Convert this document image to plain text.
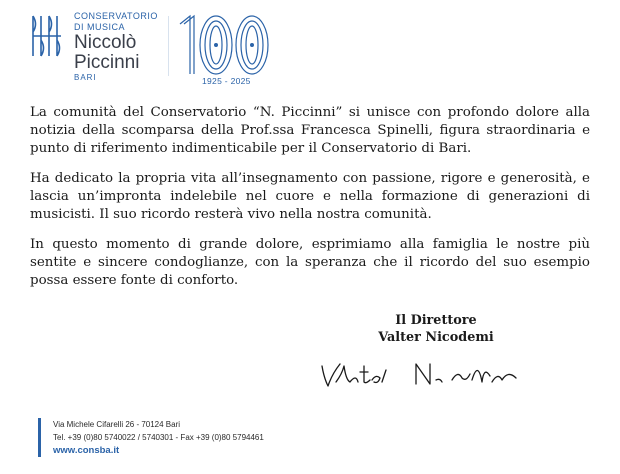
CONSERVATORIO
DI MUSICA
Niccolò
Piccinni
BARI	1925 - 2025

La comunità del Conservatorio “N. Piccinni” si unisce con profondo dolore alla notizia della scomparsa della Prof.ssa Francesca Spinelli, figura straordinaria e punto di riferimento indimenticabile per il Conservatorio di Bari.

Ha dedicato la propria vita all’insegnamento con passione, rigore e generosità, e lascia un’impronta indelebile nel cuore e nella formazione di generazioni di musicisti. Il suo ricordo resterà vivo nella nostra comunità.

In questo momento di grande dolore, esprimiamo alla famiglia le nostre più sentite e sincere condoglianze, con la speranza che il ricordo del suo esempio possa essere fonte di conforto.

Il Direttore
Valter Nicodemi
Via Michele Cifarelli 26 - 70124 Bari
Tel. +39 (0)80 5740022 / 5740301 - Fax +39 (0)80 5794461
www.consba.it
